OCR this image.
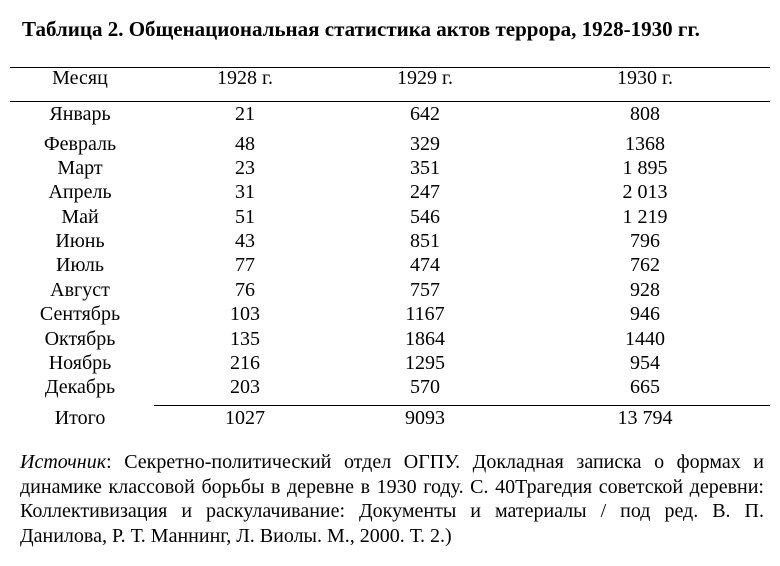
Таблица 2. Общенациональная статистика актов террора, 1928-1930 гг.
Месяц	1928 г.	1929 г.	1930 г.
Январь	21	642	808
Февраль	48	329	1368
Март	23	351	1 895
Апрель	31	247	2 013
Май	51	546	1 219
Июнь	43	851	796
Июль	77	474	762
Август	76	757	928
Сентябрь	103	1167	946
Октябрь	135	1864	1440
Ноябрь	216	1295	954
Декабрь	203	570	665
Итого	1027	9093	13 794
Источник: Секретно-политический отдел ОГПУ. Докладная записка о формах и динамике классовой борьбы в деревне в 1930 году. С. 40Трагедия советской деревни: Коллективизация и раскулачивание: Документы и материалы / под ред. В. П. Данилова, Р. Т. Маннинг, Л. Виолы. М., 2000. Т. 2.)
